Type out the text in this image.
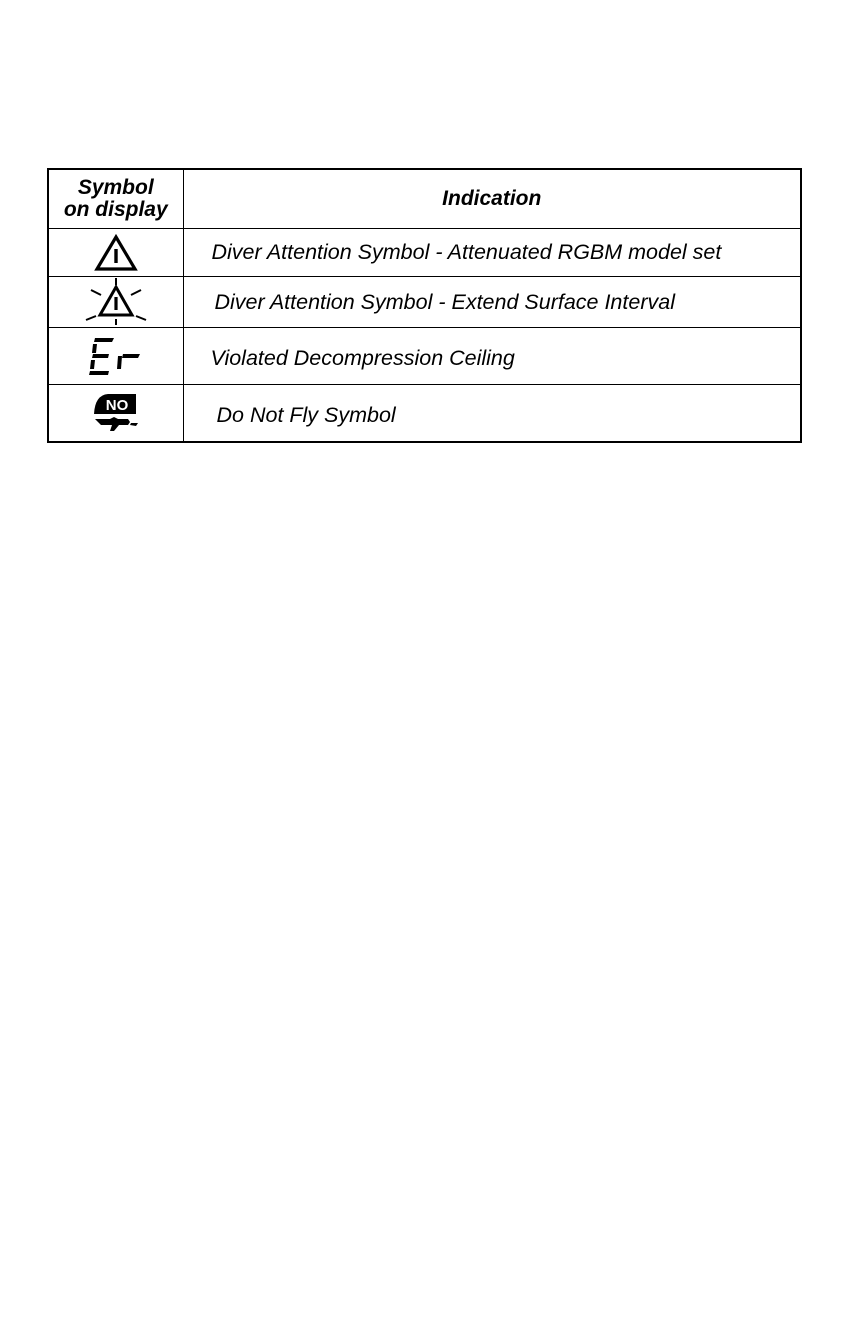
Symbol
on display	Indication

	Diver Attention Symbol - Attenuated RGBM model set

	Diver Attention Symbol - Extend Surface Interval

	Violated Decompression Ceiling

NO	Do Not Fly Symbol
